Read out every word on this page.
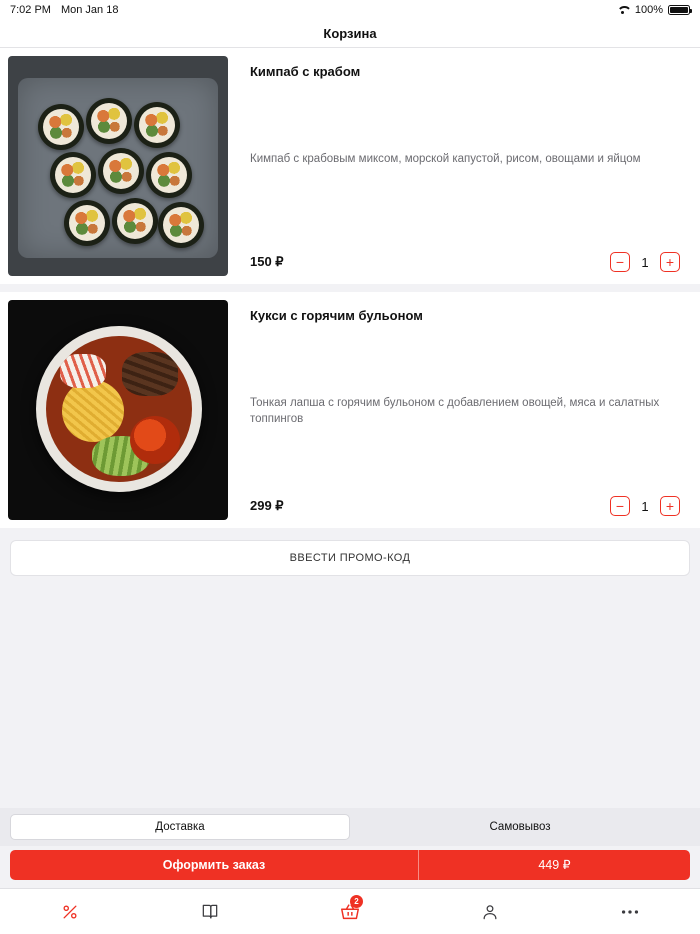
7:02 PM Mon Jan 18	100%
Корзина
Кимпаб с крабом
Кимпаб с крабовым миксом, морской капустой, рисом, овощами и яйцом
150 ₽	−	1	+
Кукси с горячим бульоном
Тонкая лапша с горячим бульоном с добавлением овощей, мяса и салатных топпингов
299 ₽	−	1	+
ВВЕСТИ ПРОМО-КОД
Доставка	Самовывоз
Оформить заказ	449 ₽
2
